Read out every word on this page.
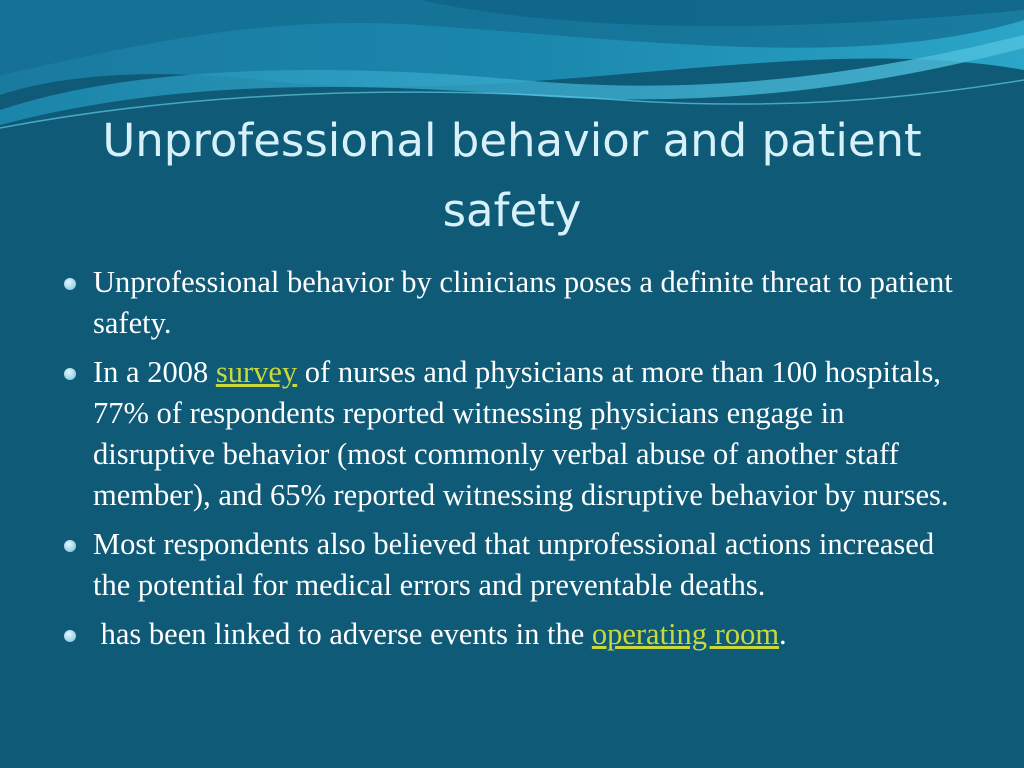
Unprofessional behavior and patient safety
Unprofessional behavior by clinicians poses a definite threat to patient safety.
In a 2008 survey of nurses and physicians at more than 100 hospitals, 77% of respondents reported witnessing physicians engage in disruptive behavior (most commonly verbal abuse of another staff member), and 65% reported witnessing disruptive behavior by nurses.
Most respondents also believed that unprofessional actions increased the potential for medical errors and preventable deaths.
has been linked to adverse events in the operating room.
